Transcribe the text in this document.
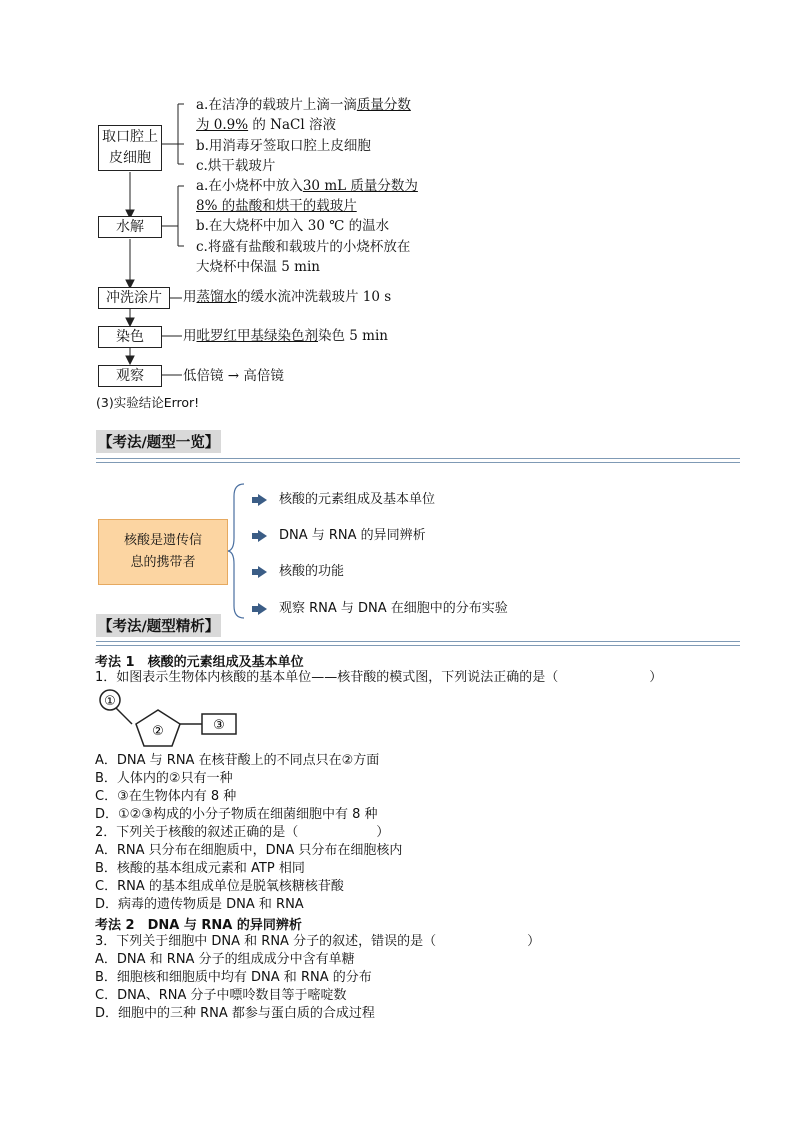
取口腔上
皮细胞
a.在洁净的载玻片上滴一滴质量分数
为 0.9% 的 NaCl 溶液
b.用消毒牙签取口腔上皮细胞
c.烘干载玻片
水解
a.在小烧杯中放入30 mL 质量分数为
8% 的盐酸和烘干的载玻片
b.在大烧杯中加入 30 ℃ 的温水
c.将盛有盐酸和载玻片的小烧杯放在
大烧杯中保温 5 min
冲洗涂片	用蒸馏水的缓水流冲洗载玻片 10 s
染色	用吡罗红甲基绿染色剂染色 5 min
观察	低倍镜 → 高倍镜
(3)实验结论Error!
【考法/题型一览】
核酸是遗传信
息的携带者
核酸的元素组成及基本单位
DNA 与 RNA 的异同辨析
核酸的功能
观察 RNA 与 DNA 在细胞中的分布实验
【考法/题型精析】
考法 1　核酸的元素组成及基本单位
1．如图表示生物体内核酸的基本单位——核苷酸的模式图，下列说法正确的是（　　　　　　　）
①
②	③
A．DNA 与 RNA 在核苷酸上的不同点只在②方面
B．人体内的②只有一种
C．③在生物体内有 8 种
D．①②③构成的小分子物质在细菌细胞中有 8 种
2．下列关于核酸的叙述正确的是（　　　　　　）
A．RNA 只分布在细胞质中，DNA 只分布在细胞核内
B．核酸的基本组成元素和 ATP 相同
C．RNA 的基本组成单位是脱氧核糖核苷酸
D．病毒的遗传物质是 DNA 和 RNA
考法 2　DNA 与 RNA 的异同辨析
3．下列关于细胞中 DNA 和 RNA 分子的叙述，错误的是（　　　　　　　）
A．DNA 和 RNA 分子的组成成分中含有单糖
B．细胞核和细胞质中均有 DNA 和 RNA 的分布
C．DNA、RNA 分子中嘌呤数目等于嘧啶数
D．细胞中的三种 RNA 都参与蛋白质的合成过程
